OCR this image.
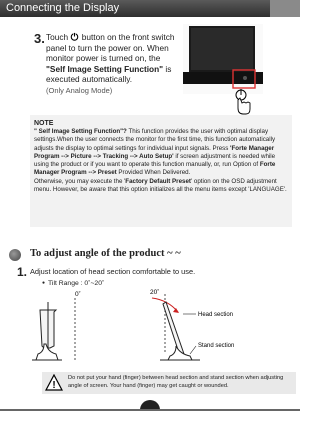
Connecting the Display
3. Touch  button on the front switch panel to turn the power on. When monitor power is turned on, the "Self Image Setting Function" is executed automatically.
(Only Analog Mode)
NOTE
" Self Image Setting Function"? This function provides the user with optimal display settings.When the user connects the monitor for the first time, this function automatically adjusts the display to optimal settings for individual input signals. Press 'Forte Manager Program --> Picture --> Tracking --> Auto Setup' if screen adjustment is needed while using the product or if you want to operate this function manually, or, run Option of Forte Manager Program --> Preset Provided When Delivered.
Otherwise, you may execute the 'Factory Default Preset' option on the OSD adjustment menu. However, be aware that this option initializes all the menu items except 'LANGUAGE'.
To adjust angle of the product ~ ~
1. Adjust location of head section comfortable to use.
● Tilt Range : 0˚~20˚
0˚	20˚
Head section
Stand section
!
Do not put your hand (finger) between head section and stand section when adjusting angle of screen. Your hand (finger) may get caught or wounded.
